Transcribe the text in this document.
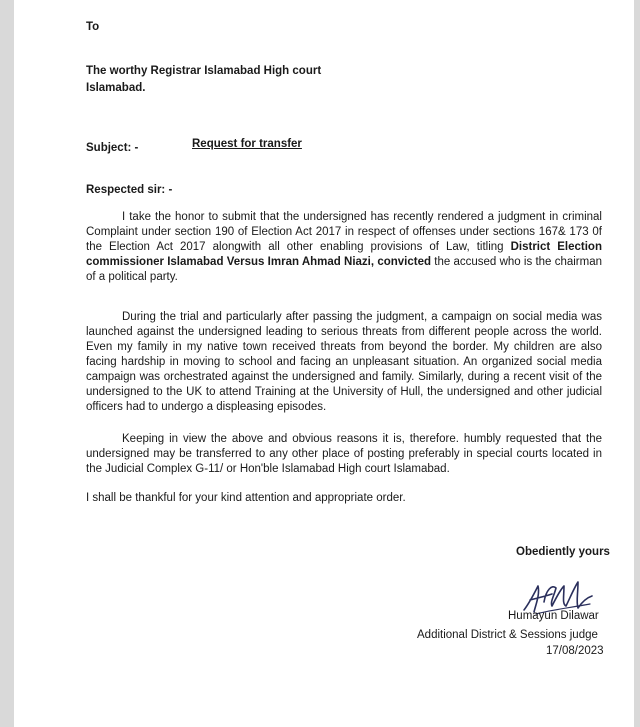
To

The worthy Registrar Islamabad High court

Islamabad.

Subject: -	Request for transfer

Respected sir: -

I take the honor to submit that the undersigned has recently rendered a judgment in criminal Complaint under section 190 of Election Act 2017 in respect of offenses under sections 167& 173 0f the Election Act 2017 alongwith all other enabling provisions of Law, titling District Election commissioner Islamabad Versus Imran Ahmad Niazi, convicted the accused who is the chairman of a political party.

During the trial and particularly after passing the judgment, a campaign on social media was launched against the undersigned leading to serious threats from different people across the world. Even my family in my native town received threats from beyond the border. My children are also facing hardship in moving to school and facing an unpleasant situation. An organized social media campaign was orchestrated against the undersigned and family. Similarly, during a recent visit of the undersigned to the UK to attend Training at the University of Hull, the undersigned and other judicial officers had to undergo a displeasing episodes.

Keeping in view the above and obvious reasons it is, therefore. humbly requested that the undersigned may be transferred to any other place of posting preferably in special courts located in the Judicial Complex G-11/ or Hon'ble Islamabad High court Islamabad.

I shall be thankful for your kind attention and appropriate order.

Obediently yours

Humayun Dilawar

Additional District & Sessions judge

17/08/2023
